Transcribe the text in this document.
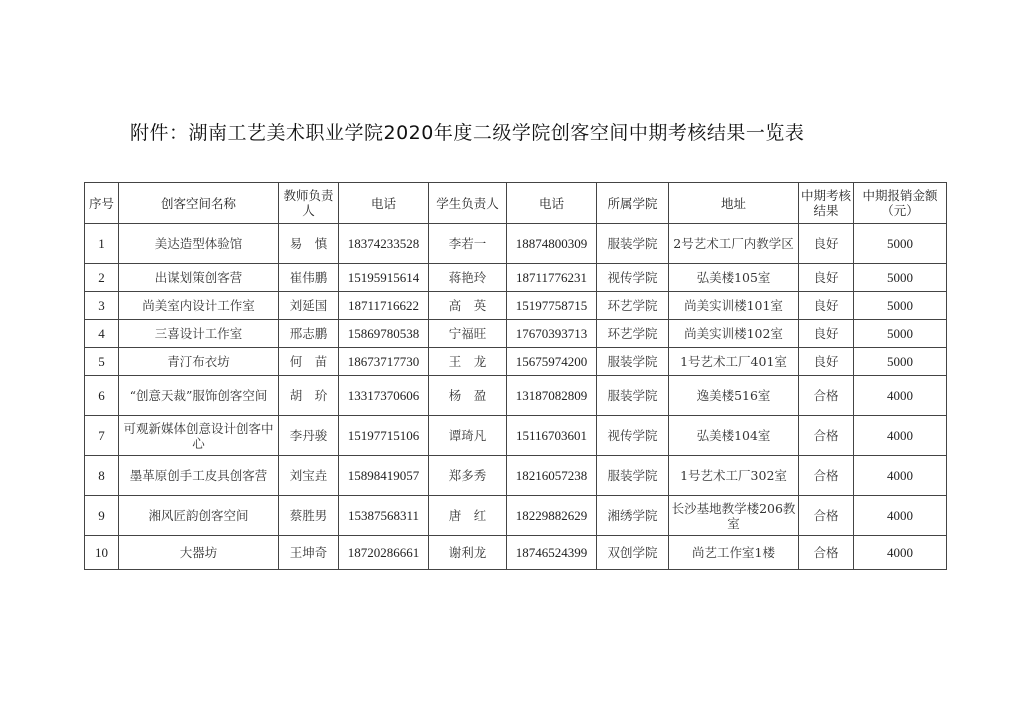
附件：湖南工艺美术职业学院2020年度二级学院创客空间中期考核结果一览表
序号	创客空间名称	教师负责人	电话	学生负责人	电话	所属学院	地址	中期考核结果	中期报销金额（元）
1	美达造型体验馆	易　慎	18374233528	李若一	18874800309	服装学院	2号艺术工厂内教学区	良好	5000
2	出谋划策创客营	崔伟鹏	15195915614	蒋艳玲	18711776231	视传学院	弘美楼105室	良好	5000
3	尚美室内设计工作室	刘延国	18711716622	高　英	15197758715	环艺学院	尚美实训楼101室	良好	5000
4	三喜设计工作室	邢志鹏	15869780538	宁福旺	17670393713	环艺学院	尚美实训楼102室	良好	5000
5	青汀布衣坊	何　苗	18673717730	王　龙	15675974200	服装学院	1号艺术工厂401室	良好	5000
6	“创意天裁”服饰创客空间	胡　玠	13317370606	杨　盈	13187082809	服装学院	逸美楼516室	合格	4000
7	可观新媒体创意设计创客中心	李丹骏	15197715106	谭琦凡	15116703601	视传学院	弘美楼104室	合格	4000
8	墨革原创手工皮具创客营	刘宝垚	15898419057	郑多秀	18216057238	服装学院	1号艺术工厂302室	合格	4000
9	湘风匠韵创客空间	蔡胜男	15387568311	唐　红	18229882629	湘绣学院	长沙基地教学楼206教室	合格	4000
10	大器坊	王坤奇	18720286661	谢利龙	18746524399	双创学院	尚艺工作室1楼	合格	4000
